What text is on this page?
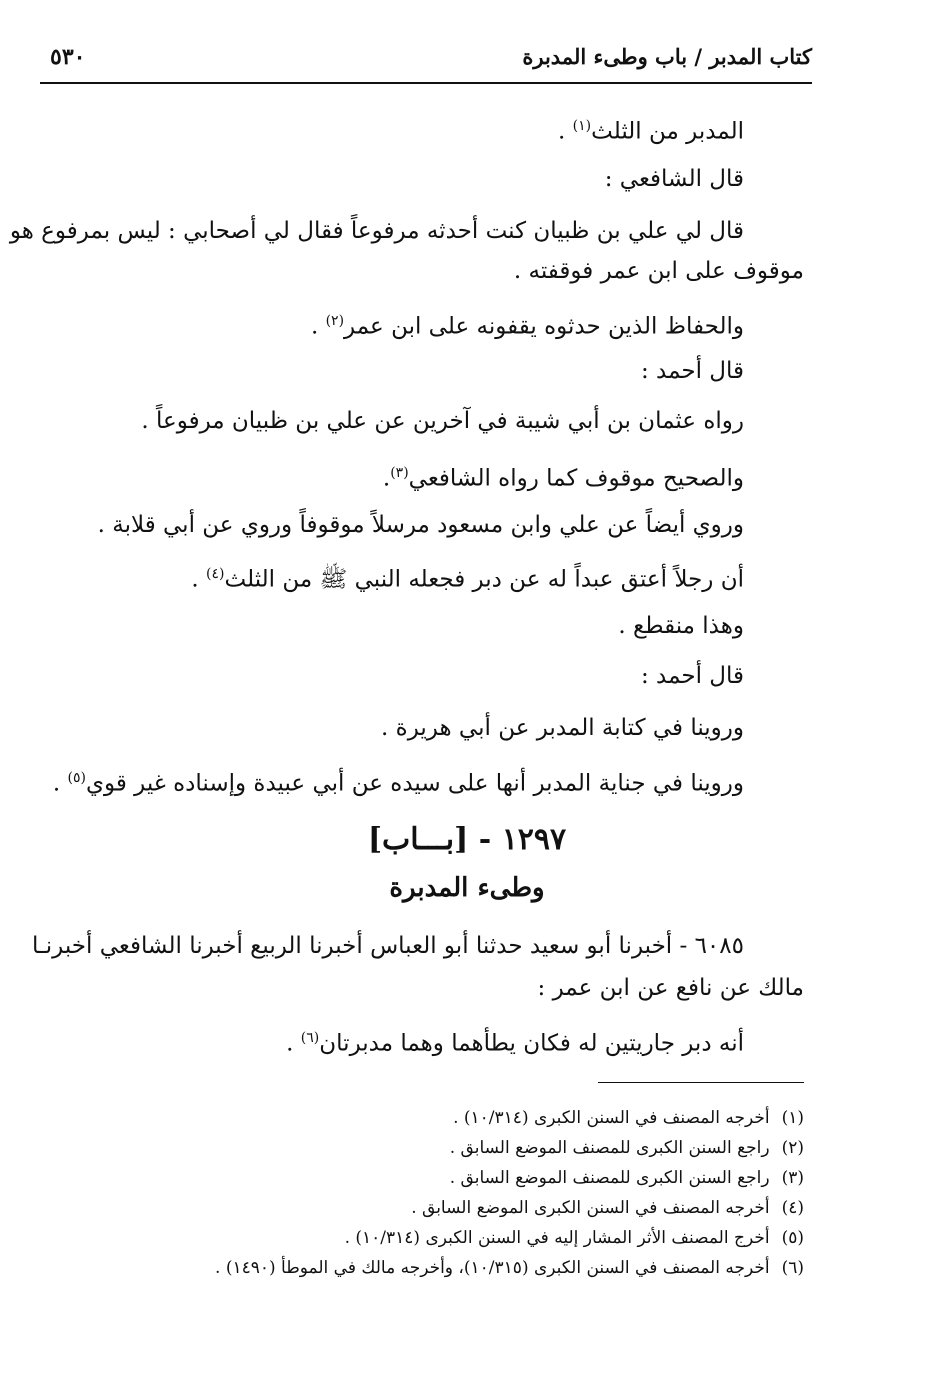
كتاب المدبر / باب وطىء المدبرة
٥٣٠
المدبر من الثلث$^{(١)}$ .
قال الشافعي :
قال لي علي بن ظبيان كنت أحدثه مرفوعاً فقال لي أصحابي : ليس بمرفوع هو
موقوف على ابن عمر فوقفته .
والحفاظ الذين حدثوه يقفونه على ابن عمر$^{(٢)}$ .
قال أحمد :
رواه عثمان بن أبي شيبة في آخرين عن علي بن ظبيان مرفوعاً .
والصحيح موقوف كما رواه الشافعي$^{(٣)}$.
وروي أيضاً عن علي وابن مسعود مرسلاً موقوفاً وروي عن أبي قلابة .
أن رجلاً أعتق عبداً له عن دبر فجعله النبي ﷺ من الثلث$^{(٤)}$ .
وهذا منقطع .
قال أحمد :
وروينا في كتابة المدبر عن أبي هريرة .
وروينا في جناية المدبر أنها على سيده عن أبي عبيدة وإسناده غير قوي$^{(٥)}$ .
١٢٩٧ - [بـــاب]
وطىء المدبرة
٦٠٨٥ - أخبرنا أبو سعيد حدثنا أبو العباس أخبرنا الربيع أخبرنا الشافعي أخبرنـا
مالك عن نافع عن ابن عمر :
أنه دبر جاريتين له فكان يطأهما وهما مدبرتان$^{(٦)}$ .
(١)أخرجه المصنف في السنن الكبرى (١٠/٣١٤) .
(٢)راجع السنن الكبرى للمصنف الموضع السابق .
(٣)راجع السنن الكبرى للمصنف الموضع السابق .
(٤)أخرجه المصنف في السنن الكبرى الموضع السابق .
(٥)أخرج المصنف الأثر المشار إليه في السنن الكبرى (١٠/٣١٤) .
(٦)أخرجه المصنف في السنن الكبرى (١٠/٣١٥)، وأخرجه مالك في الموطأ (١٤٩٠) .
